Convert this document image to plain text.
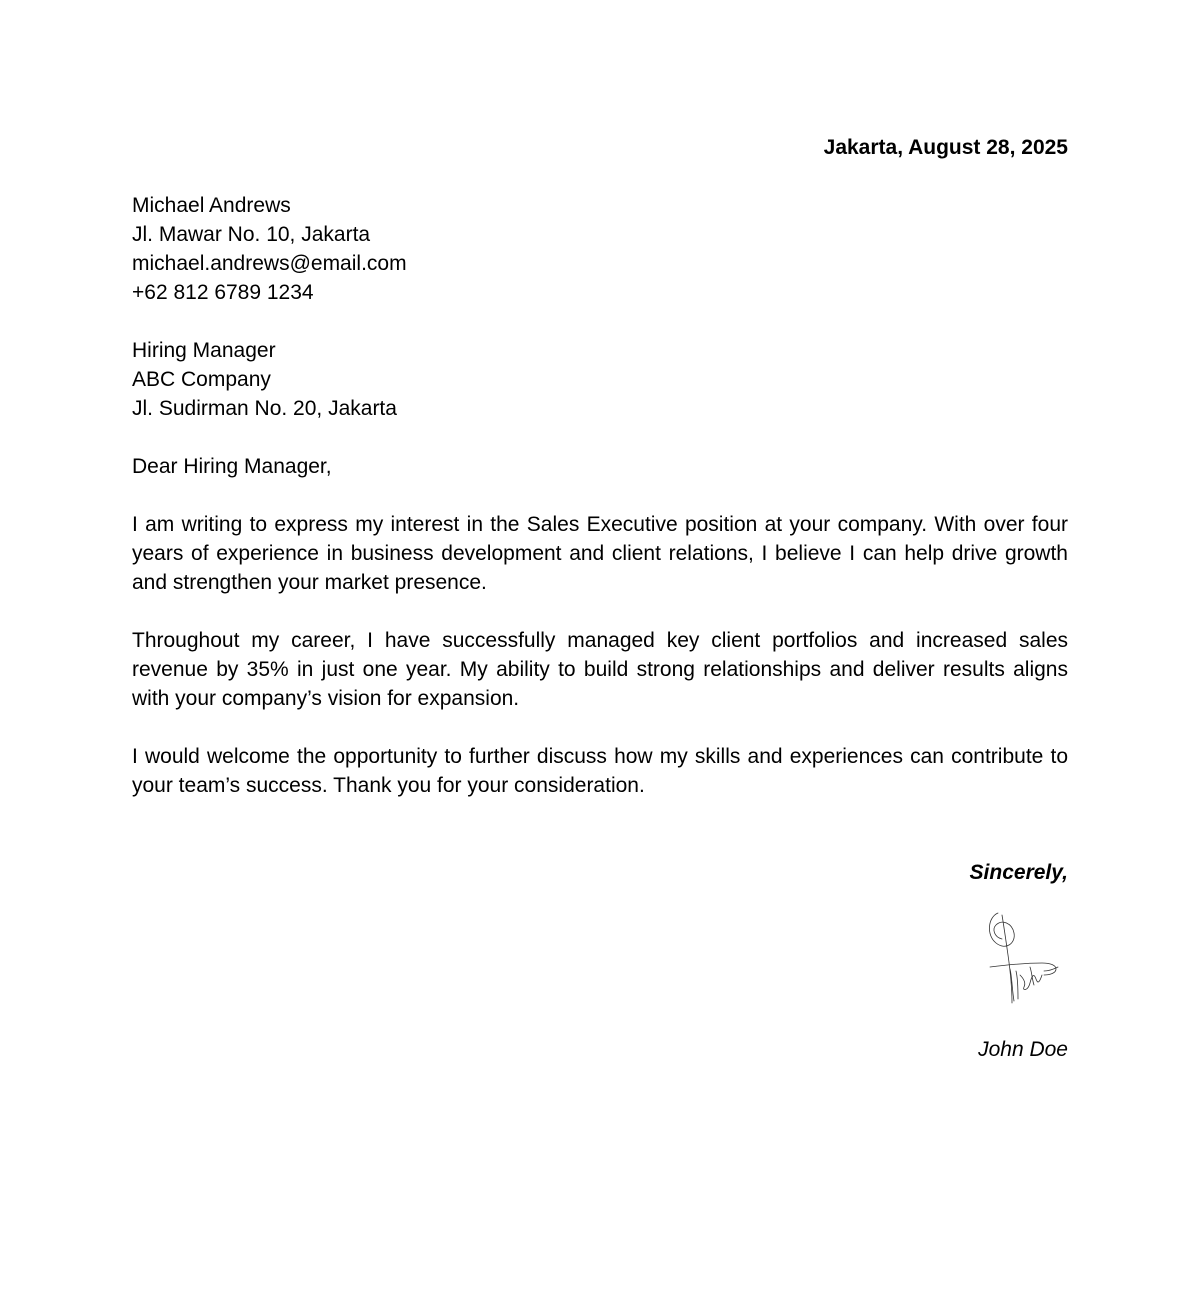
Jakarta, August 28, 2025
Michael Andrews
Jl. Mawar No. 10, Jakarta
michael.andrews@email.com
+62 812 6789 1234
Hiring Manager
ABC Company
Jl. Sudirman No. 20, Jakarta
Dear Hiring Manager,

I am writing to express my interest in the Sales Executive position at your company. With over four years of experience in business development and client relations, I believe I can help drive growth and strengthen your market presence.

Throughout my career, I have successfully managed key client portfolios and increased sales revenue by 35% in just one year. My ability to build strong relationships and deliver results aligns with your company’s vision for expansion.

I would welcome the opportunity to further discuss how my skills and experiences can contribute to your team’s success. Thank you for your consideration.

Sincerely,
John Doe
